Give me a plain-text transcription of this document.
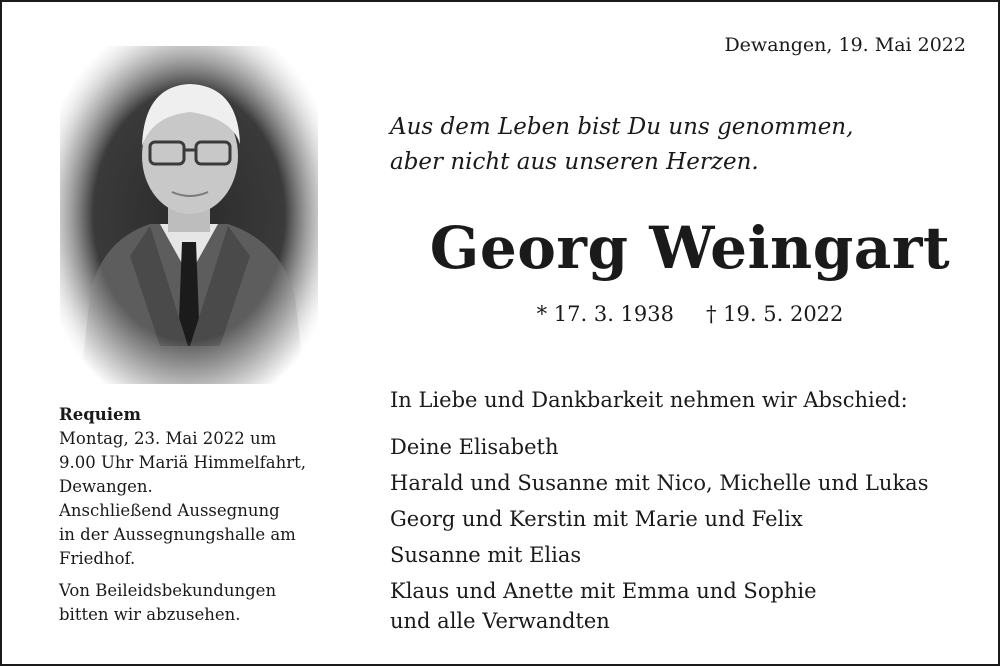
Dewangen, 19. Mai 2022
Aus dem Leben bist Du uns genommen,
aber nicht aus unseren Herzen.
Georg Weingart
* 17. 3. 1938 † 19. 5. 2022
In Liebe und Dankbarkeit nehmen wir Abschied:
Deine Elisabeth
Harald und Susanne mit Nico, Michelle und Lukas
Georg und Kerstin mit Marie und Felix
Susanne mit Elias
Klaus und Anette mit Emma und Sophie
und alle Verwandten
Requiem
Montag, 23. Mai 2022 um
9.00 Uhr Mariä Himmelfahrt,
Dewangen.
Anschließend Aussegnung
in der Aussegnungshalle am
Friedhof.
Von Beileidsbekundungen
bitten wir abzusehen.
